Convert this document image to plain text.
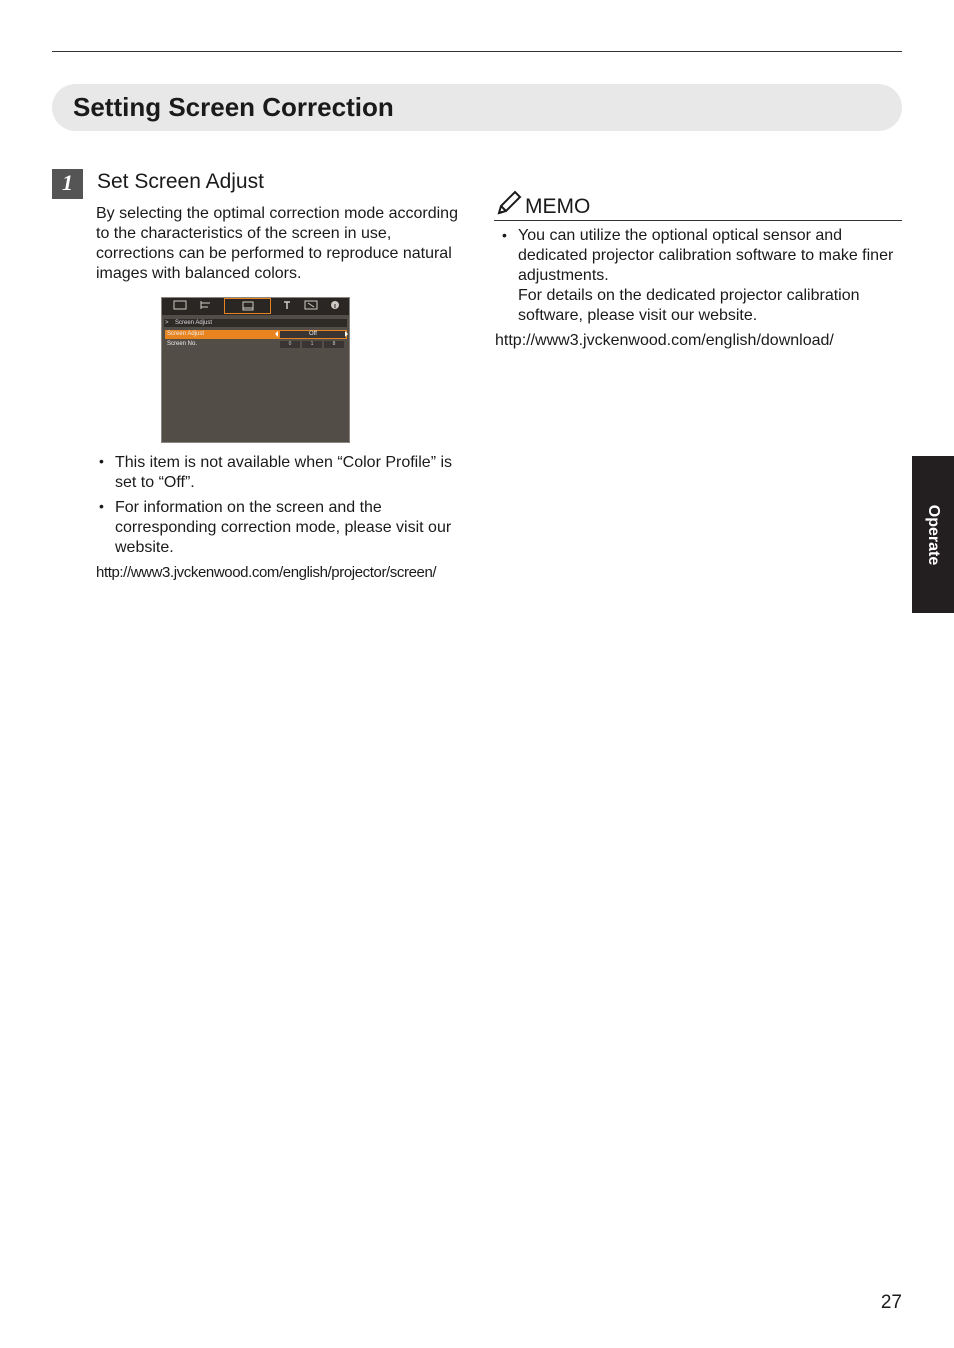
Setting Screen Correction
1	Set Screen Adjust

By selecting the optimal correction mode according to the characteristics of the screen in use, corrections can be performed to reproduce natural images with balanced colors.

> Screen Adjust
Screen Adjust	Off
Screen No.	0	1	8
• This item is not available when “Color Profile” is set to “Off”.
• For information on the screen and the corresponding correction mode, please visit our website.
http://www3.jvckenwood.com/english/projector/screen/
MEMO

• You can utilize the optional optical sensor and dedicated projector calibration software to make finer adjustments.

For details on the dedicated projector calibration software, please visit our website.

http://www3.jvckenwood.com/english/download/
Operate
27
